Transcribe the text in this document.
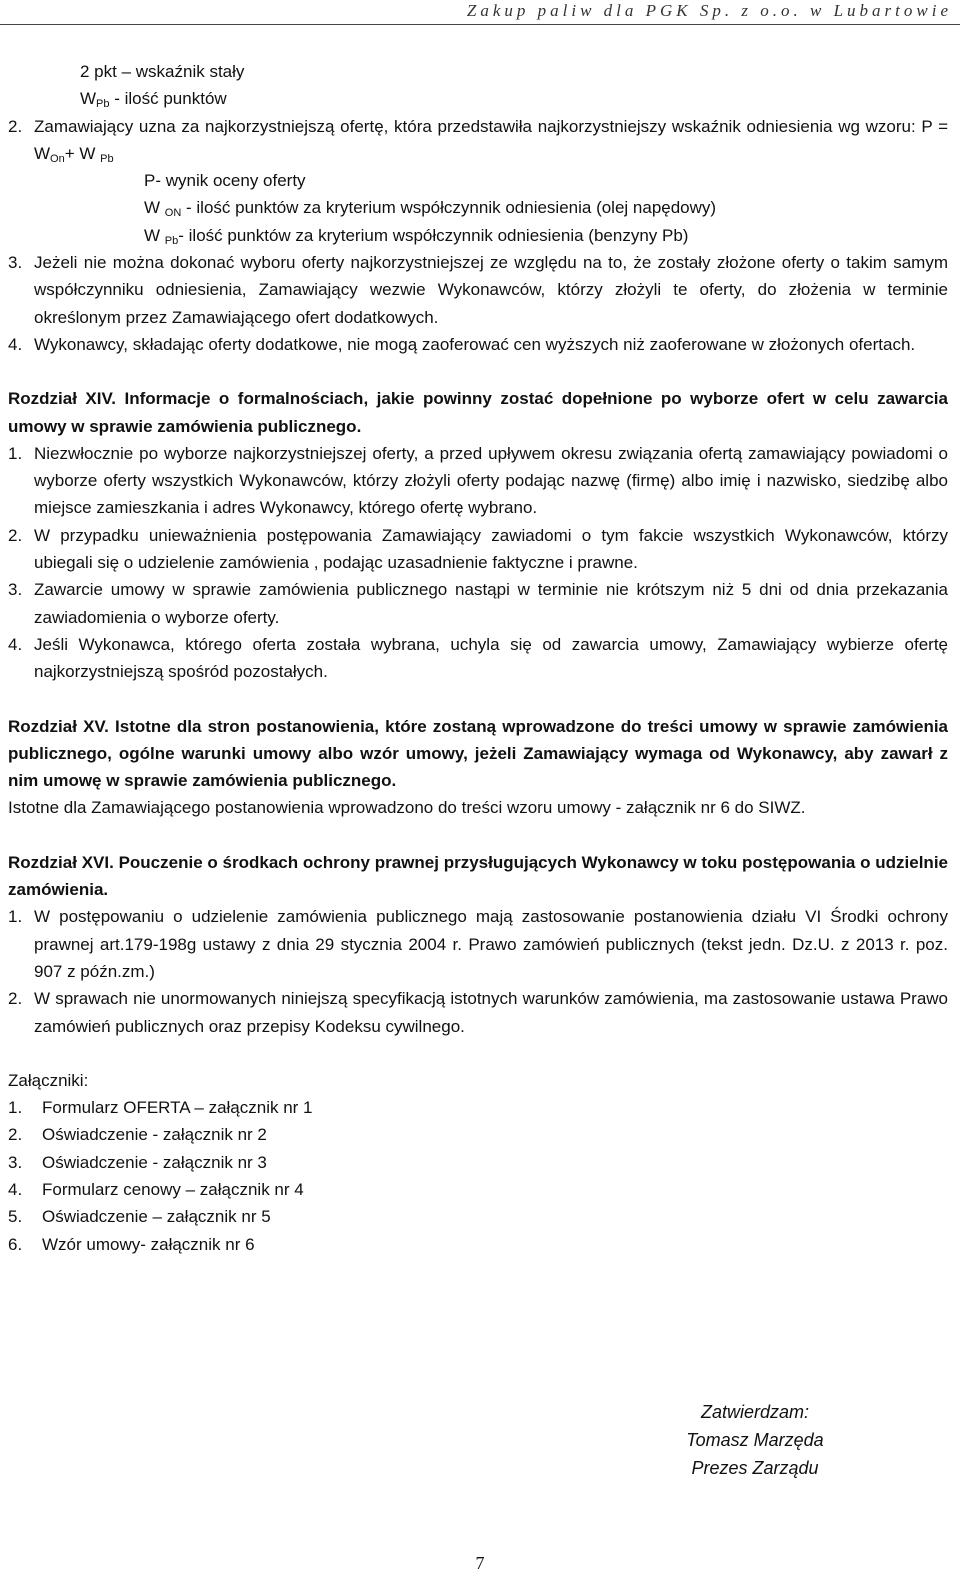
Zakup paliw dla PGK Sp. z o.o. w Lubartowie
2 pkt – wskaźnik stały
$W_{Pb}$ - ilość punktów
2. Zamawiający uzna za najkorzystniejszą ofertę, która przedstawiła najkorzystniejszy wskaźnik odniesienia wg wzoru: $P = W_{On}+ W$ $_{Pb}$
P- wynik oceny oferty
W $_{ON}$ - ilość punktów za kryterium współczynnik odniesienia (olej napędowy)
W $_{Pb}$- ilość punktów za kryterium współczynnik odniesienia (benzyny Pb)
3. Jeżeli nie można dokonać wyboru oferty najkorzystniejszej ze względu na to, że zostały złożone oferty o takim samym współczynniku odniesienia, Zamawiający wezwie Wykonawców, którzy złożyli te oferty, do złożenia w terminie określonym przez Zamawiającego ofert dodatkowych.
4. Wykonawcy, składając oferty dodatkowe, nie mogą zaoferować cen wyższych niż zaoferowane w złożonych ofertach.
Rozdział XIV. Informacje o formalnościach, jakie powinny zostać dopełnione po wyborze ofert w celu zawarcia umowy w sprawie zamówienia publicznego.
1. Niezwłocznie po wyborze najkorzystniejszej oferty, a przed upływem okresu związania ofertą zamawiający powiadomi o wyborze oferty wszystkich Wykonawców, którzy złożyli oferty podając nazwę (firmę) albo imię i nazwisko, siedzibę albo miejsce zamieszkania i adres Wykonawcy, którego ofertę wybrano.
2. W przypadku unieważnienia postępowania Zamawiający zawiadomi o tym fakcie wszystkich Wykonawców, którzy ubiegali się o udzielenie zamówienia , podając uzasadnienie faktyczne i prawne.
3. Zawarcie umowy w sprawie zamówienia publicznego nastąpi w terminie nie krótszym niż 5 dni od dnia przekazania zawiadomienia o wyborze oferty.
4. Jeśli Wykonawca, którego oferta została wybrana, uchyla się od zawarcia umowy, Zamawiający wybierze ofertę najkorzystniejszą spośród pozostałych.
Rozdział XV. Istotne dla stron postanowienia, które zostaną wprowadzone do treści umowy w sprawie zamówienia publicznego, ogólne warunki umowy albo wzór umowy, jeżeli Zamawiający wymaga od Wykonawcy, aby zawarł z nim umowę w sprawie zamówienia publicznego.
Istotne dla Zamawiającego postanowienia wprowadzono do treści wzoru umowy - załącznik nr 6 do SIWZ.
Rozdział XVI. Pouczenie o środkach ochrony prawnej przysługujących Wykonawcy w toku postępowania o udzielnie zamówienia.
1. W postępowaniu o udzielenie zamówienia publicznego mają zastosowanie postanowienia działu VI Środki ochrony prawnej art.179-198g ustawy z dnia 29 stycznia 2004 r. Prawo zamówień publicznych (tekst jedn. Dz.U. z 2013 r. poz. 907 z późn.zm.)
2. W sprawach nie unormowanych niniejszą specyfikacją istotnych warunków zamówienia, ma zastosowanie ustawa Prawo zamówień publicznych oraz przepisy Kodeksu cywilnego.
Załączniki:
1.	Formularz OFERTA – załącznik nr 1
2.	Oświadczenie - załącznik nr 2
3.	Oświadczenie - załącznik nr 3
4.	Formularz cenowy – załącznik nr 4
5.	Oświadczenie – załącznik nr 5
6.	Wzór umowy- załącznik nr 6
Zatwierdzam:
Tomasz Marzęda
Prezes Zarządu
7
